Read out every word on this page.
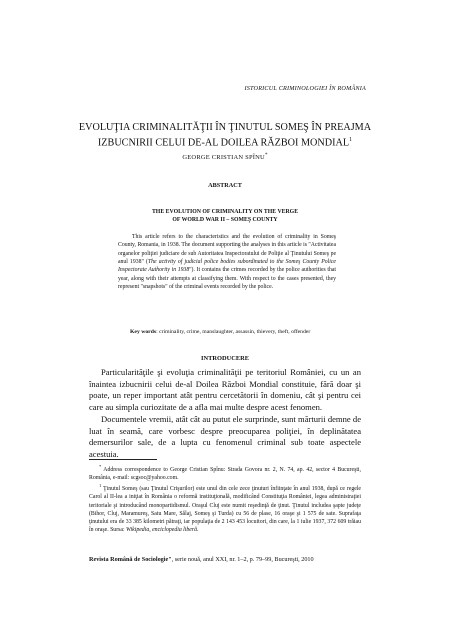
ISTORICUL CRIMINOLOGIEI ÎN ROMÂNIA
EVOLUŢIA CRIMINALITĂŢII ÎN ŢINUTUL SOMEŞ ÎN PREAJMA
IZBUCNIRII CELUI DE-AL DOILEA RĂZBOI MONDIAL$^1$
GEORGE CRISTIAN SPÎNU*
ABSTRACT
THE EVOLUTION OF CRIMINALITY ON THE VERGE
OF WORLD WAR II – SOMEŞ COUNTY
This article refers to the characteristics and the evolution of criminality in Someş County, Romania, in 1938. The document supporting the analyses in this article is "Activitatea organelor poliţiei judiciare de sub Autoritatea Inspectoratului de Poliţie al Ţinutului Someş pe anul 1938" (The activity of judicial police bodies subordinated to the Someş County Police Inspectorate Authority in 1938"). It contains the crimes recorded by the police authorities that year, along with their attempts at classifying them. With respect to the cases presented, they represent "snapshots" of the criminal events recorded by the police.
Key words: criminality, crime, manslaughter, assassin, thievery, theft, offender
INTRODUCERE

Particularităţile şi evoluţia criminalităţii pe teritoriul României, cu un an înaintea izbucnirii celui de-al Doilea Război Mondial constituie, fără doar şi poate, un reper important atât pentru cercetătorii în domeniu, cât şi pentru cei care au simpla curiozitate de a afla mai multe despre acest fenomen.

Documentele vremii, atât cât au putut ele surprinde, sunt mărturii demne de luat în seamă, care vorbesc despre preocuparea poliţiei, în deplinătatea demersurilor sale, de a lupta cu fenomenul criminal sub toate aspectele acestuia.

* Address correspondence to George Cristian Spînu: Strada Govora nr. 2, N. 74, ap. 42, sector 4 Bucureşti, România, e-mail: scgsoc@yahoo.com.

$^1$ Ţinutul Someş (sau Ţinutul Crişurilor) este unul din cele zece ţinuturi înfiinţate în anul 1938, după ce regele Carol al II-lea a iniţiat în România o reformă instituţională, modificând Constituţia României, legea administraţiei teritoriale şi introducând monopartidismul. Oraşul Cluj este numit reşedinţă de ţinut. Ţinutul includea şapte judeţe (Bihor, Cluj, Maramureş, Satu Mare, Sălaj, Someş şi Turda) cu 56 de plase, 16 oraşe şi 1 575 de sate. Suprafaţa ţinutului era de 33 385 kilometri pătraţi, iar populaţia de 2 143 453 locuitori, din care, la 1 iulie 1937, 372 609 trăiau în oraşe. Sursa: Wikipedia, enciclopedia liberă.

Revista Română de Sociologie", serie nouă, anul XXI, nr. 1–2, p. 79–99, Bucureşti, 2010
